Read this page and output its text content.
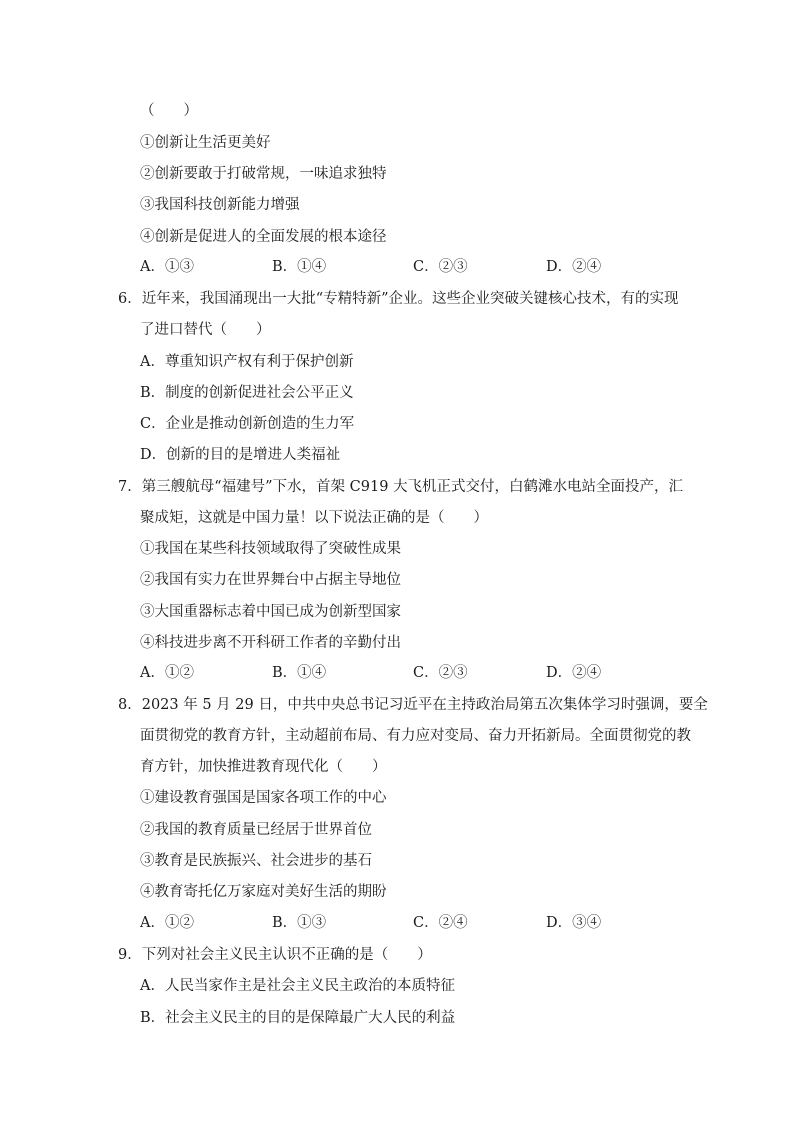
（　　）
①创新让生活更美好
②创新要敢于打破常规，一味追求独特
③我国科技创新能力增强
④创新是促进人的全面发展的根本途径
A．①③	B．①④	C．②③	D．②④
6．近年来，我国涌现出一大批“专精特新”企业。这些企业突破关键核心技术，有的实现
了进口替代（　　）
A．尊重知识产权有利于保护创新
B．制度的创新促进社会公平正义
C．企业是推动创新创造的生力军
D．创新的目的是增进人类福祉
7．第三艘航母“福建号”下水，首架 C919 大飞机正式交付，白鹤滩水电站全面投产，汇
聚成矩，这就是中国力量！以下说法正确的是（　　）
①我国在某些科技领域取得了突破性成果
②我国有实力在世界舞台中占据主导地位
③大国重器标志着中国已成为创新型国家
④科技进步离不开科研工作者的辛勤付出
A．①②	B．①④	C．②③	D．②④
8．2023 年 5 月 29 日，中共中央总书记习近平在主持政治局第五次集体学习时强调，要全
面贯彻党的教育方针，主动超前布局、有力应对变局、奋力开拓新局。全面贯彻党的教
育方针，加快推进教育现代化（　　）
①建设教育强国是国家各项工作的中心
②我国的教育质量已经居于世界首位
③教育是民族振兴、社会进步的基石
④教育寄托亿万家庭对美好生活的期盼
A．①②	B．①③	C．②④	D．③④
9．下列对社会主义民主认识不正确的是（　　）
A．人民当家作主是社会主义民主政治的本质特征
B．社会主义民主的目的是保障最广大人民的利益
